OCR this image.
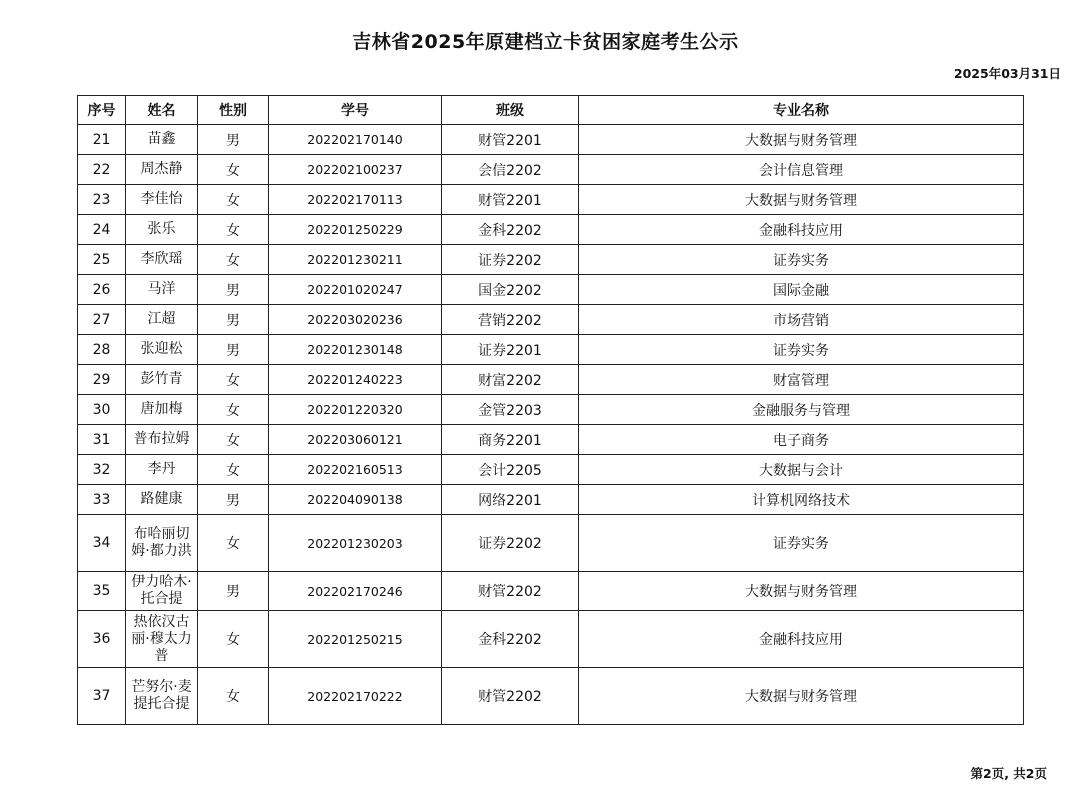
吉林省2025年原建档立卡贫困家庭考生公示
2025年03月31日
序号	姓名	性别	学号	班级	专业名称
21	苗鑫	男	202202170140	财管2201	大数据与财务管理
22	周杰静	女	202202100237	会信2202	会计信息管理
23	李佳怡	女	202202170113	财管2201	大数据与财务管理
24	张乐	女	202201250229	金科2202	金融科技应用
25	李欣瑶	女	202201230211	证券2202	证券实务
26	马洋	男	202201020247	国金2202	国际金融
27	江超	男	202203020236	营销2202	市场营销
28	张迎松	男	202201230148	证券2201	证券实务
29	彭竹青	女	202201240223	财富2202	财富管理
30	唐加梅	女	202201220320	金管2203	金融服务与管理
31	普布拉姆	女	202203060121	商务2201	电子商务
32	李丹	女	202202160513	会计2205	大数据与会计
33	路健康	男	202204090138	网络2201	计算机网络技术
34	布哈丽切姆·都力洪	女	202201230203	证券2202	证券实务
35	伊力哈木·托合提	男	202202170246	财管2202	大数据与财务管理
36	热依汉古丽·穆太力普	女	202201250215	金科2202	金融科技应用
37	芒努尔·麦提托合提	女	202202170222	财管2202	大数据与财务管理
第2页, 共2页
